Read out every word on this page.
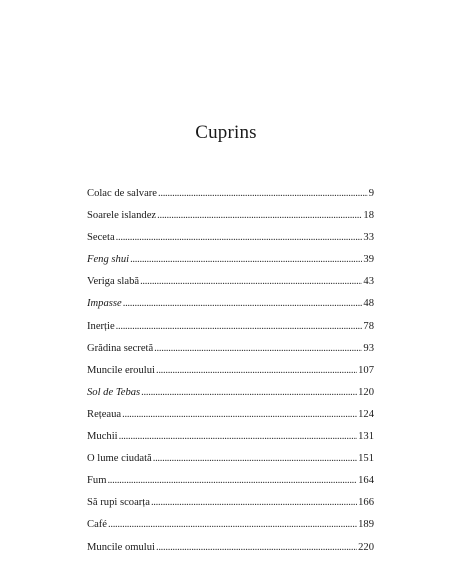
Cuprins
Colac de salvare .....	9
Soarele islandez .....	18
Seceta .....	33
Feng shui .....	39
Veriga slabă .....	43
Impasse .....	48
Inerție .....	78
Grădina secretă .....	93
Muncile eroului .....	107
Sol de Tebas .....	120
Rețeaua .....	124
Muchii .....	131
O lume ciudată .....	151
Fum .....	164
Să rupi scoarța .....	166
Café .....	189
Muncile omului .....	220
